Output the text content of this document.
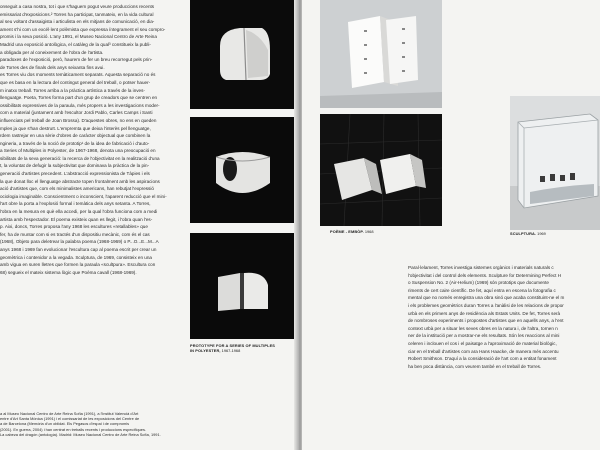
onseguit a casa nostra, tot i que s'haguem pogut veure produccions recents
emissariat d'exposicions.² Torres ha participat, tanmateix, en la vida cultural
al seu voltant d'assaigista i articulista en els mitjans de comunicació, en dia-
ament s'hi com un excél·lent polèmista que expressa íntegrament el seu compro-
promis i la seva posició. L'any 1991, el Museo Nacional Centro de Arte Reina
Madrid una exposició antològica, el catàleg de la qual³ constitueix la publi-
a obligada per al coneixement de l'obra de l'artista.
paradoxes de l'exposició, però, haurem de fer un breu recorregut pels prin-
de Torres des de finals dels anys seixanta fins avui.
es Torres viu dos moments temàticament separats. Aquesta separació no és
que es basa en la lectura del contingut general del treball, o potser hauer-
m inatxx treball. Torres arriba a la pràctica artística a través de la inves-
llenguatge. Poeta, Torres forma part d'un grup de creadors que se centren en
ossibilitats expressives de la paraula, més propers a les investigacions moder-
com a material (juntament amb l'escultor Jordi Pablo, Carles Camps i Santi
influenciats pel treball de Joan Brossa). D'aquestes obres, no ens en queden
mples ja que s'han destruït. L'empremta que deixa l'interès pel llenguatge,
rdem rastrejar en una sèrie d'obres de caràcter objectual que combinen la
ngineria, a través de la noció de prototip¹ de la idea de fabricació i d'auto-
a Series of Multiples in Polyester, de 1967-1968, denota una preocupació en
sibilitats de la seva generació: la recerca de l'objectivitat en la realització d'una
t, la voluntat de defugir la subjectivitat que dominava la pràctica de la pin-
generació d'artistes precedent. L'abstracció expressionista de Tàpies i els
la que donat lloc el llenguatge abstracte topen frontalment amb les aspiracions
ació d'artistes que, com els minimalistes americans, han rebutjat l'expressió
ociologia imaginable. Conscientment o inconscient, l'aparent reducció que el mini-
l'art obre la porta a l'explosió formal i temàtica dels anys setanta. A Torres,
l'obra en la mesura en què ella accedi, per la qual l'obra funciona com a medi
artista amb l'espectador. El poema existeix quan es llegit, i l'obra quan l'es-
p. Aixi, doncs, Torres proposa l'any 1968 les escultures «retallables» que
fer, ha de muntar com si es tractés d'un dispositiu mecànic, com és el cas
(1968), Objeto para deletrear la palabra poema (1968-1969) o P...O...E...M...A
anys 1968 i 1969 fan evolucionar l'escultura cap al poema escrit per crear un
geomètrica i contenidor a la vegada. Sculptura, de 1969, consisteix en una
amb vigua en suren lletres que formen la paraula «scultpura». Escultura con
68) segueix el mateix sistema lògic que Poèma cavall (1968-1969).
a al Museo Nacional Centro de Arte Reina Sofía (1991), a l'Institut Valencià d'Art
entre d'Art Santa Mònica (1991) i el comissariat de les exposicions del Centre de
a de Barcelona (Memòria d'un oblidat. Els Pegasos d'espai i de compromis
(2001). En guerra, 2004) i han centrat en treballs recents i produccions específiques.
La cabeza del dragón (antología). Madrid: Museo Nacional Centro de Arte Reina Sofía, 1991.
PROTOTYPE FOR A SERIES OF MULTIPLES
IN POLYESTER, 1967-1968
POÈME - EMBÒP. 1968	SCULPTURA. 1969
Paral·lelament, Torres investiga sistemes orgànics i materials naturals c
l'objectivitat i del control dels elements. Sculpture for Determining Perfect H
o Suspension No. 2 (Air-Helium) (1969) són prototips que documente
riments de cert caire científic. De fet, aquí entra en escena la fotografia c
mental que no només enregistra una obra sinó que acaba constituint-ne el m
i els problemes geomètrics duran Torres a l'anàlisi de les relacions de propor
urbà en els primers anys de residència als Estats Units. De fet, Torres serà
de nombroses experiments i propostes d'artistes que en aquells anys, a l'ent
context urbà per a situar les seves obres en la natura i, de l'altra, tornen n
ner de la institució per a mostrar-ne els resultats. Són les reaccions al mini
celeren i inclouen el cos i el paisatge a l'aproximació de material biològic,
ciar en el treball d'artistes com ara Hans Haacke, de manera més accentu
Robert Smithson. D'aquí a la consideració de l'art com a entitat fonament
ha ben poca distància, com veurem també en el treball de Torres.
